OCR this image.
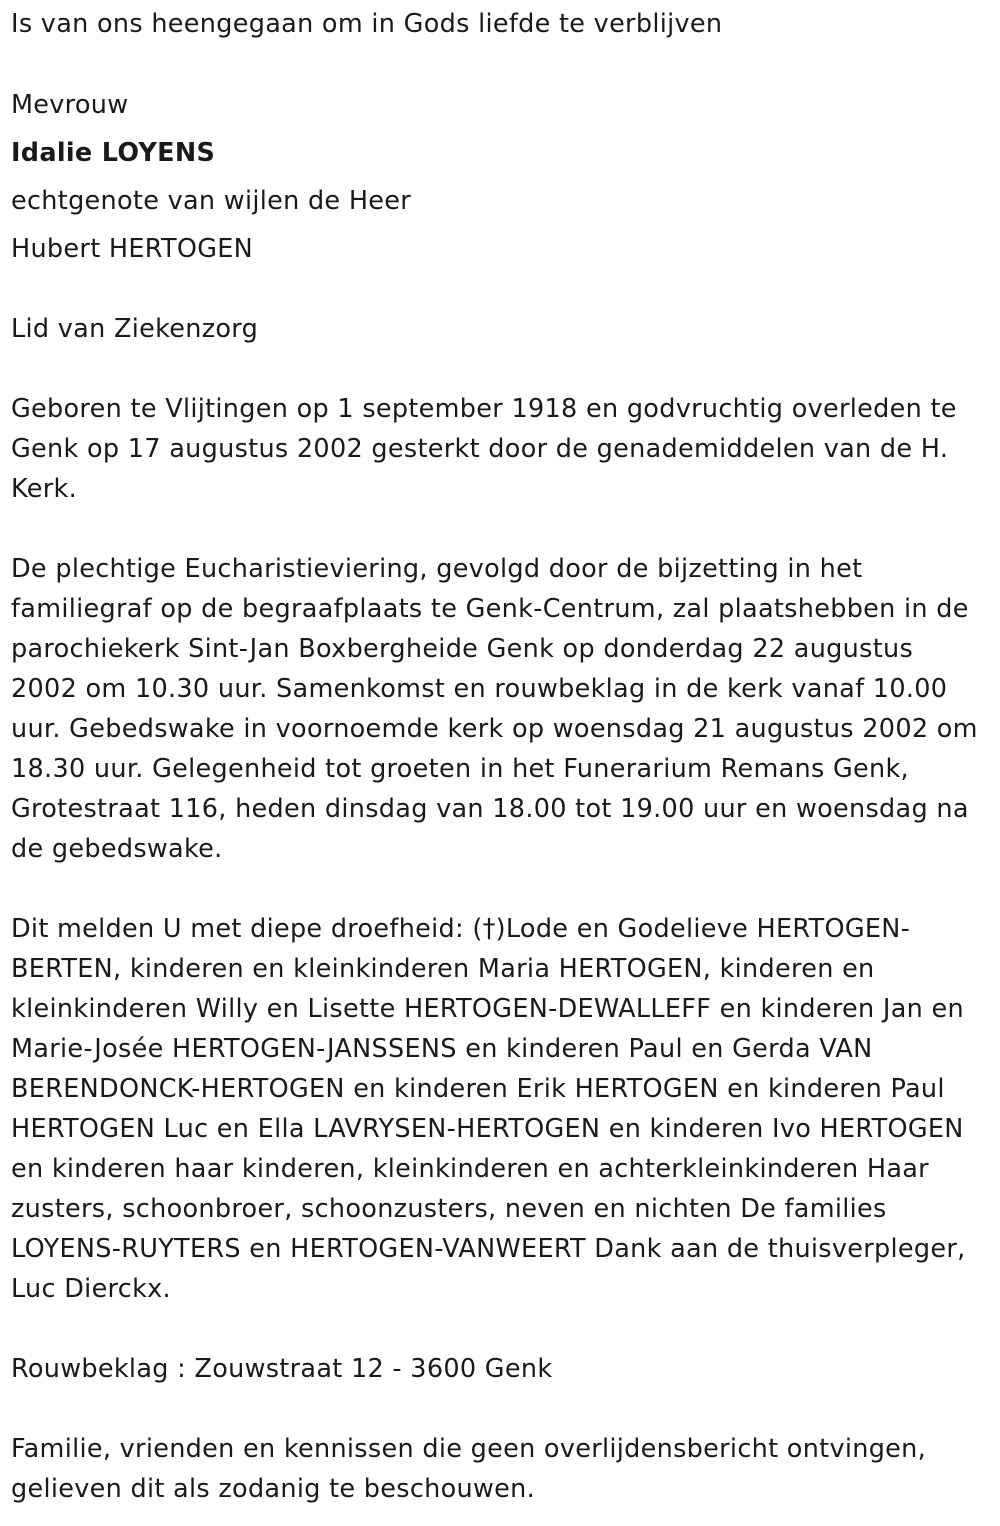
Is van ons heengegaan om in Gods liefde te verblijven
Mevrouw
Idalie LOYENS
echtgenote van wijlen de Heer
Hubert HERTOGEN
Lid van Ziekenzorg
Geboren te Vlijtingen op 1 september 1918 en godvruchtig overleden te
Genk op 17 augustus 2002 gesterkt door de genademiddelen van de H.
Kerk.
De plechtige Eucharistieviering, gevolgd door de bijzetting in het
familiegraf op de begraafplaats te Genk-Centrum, zal plaatshebben in de
parochiekerk Sint-Jan Boxbergheide Genk op donderdag 22 augustus
2002 om 10.30 uur. Samenkomst en rouwbeklag in de kerk vanaf 10.00
uur. Gebedswake in voornoemde kerk op woensdag 21 augustus 2002 om
18.30 uur. Gelegenheid tot groeten in het Funerarium Remans Genk,
Grotestraat 116, heden dinsdag van 18.00 tot 19.00 uur en woensdag na
de gebedswake.
Dit melden U met diepe droefheid: (†)Lode en Godelieve HERTOGEN-
BERTEN, kinderen en kleinkinderen Maria HERTOGEN, kinderen en
kleinkinderen Willy en Lisette HERTOGEN-DEWALLEFF en kinderen Jan en
Marie-Josée HERTOGEN-JANSSENS en kinderen Paul en Gerda VAN
BERENDONCK-HERTOGEN en kinderen Erik HERTOGEN en kinderen Paul
HERTOGEN Luc en Ella LAVRYSEN-HERTOGEN en kinderen Ivo HERTOGEN
en kinderen haar kinderen, kleinkinderen en achterkleinkinderen Haar
zusters, schoonbroer, schoonzusters, neven en nichten De families
LOYENS-RUYTERS en HERTOGEN-VANWEERT Dank aan de thuisverpleger,
Luc Dierckx.
Rouwbeklag : Zouwstraat 12 - 3600 Genk
Familie, vrienden en kennissen die geen overlijdensbericht ontvingen,
gelieven dit als zodanig te beschouwen.
